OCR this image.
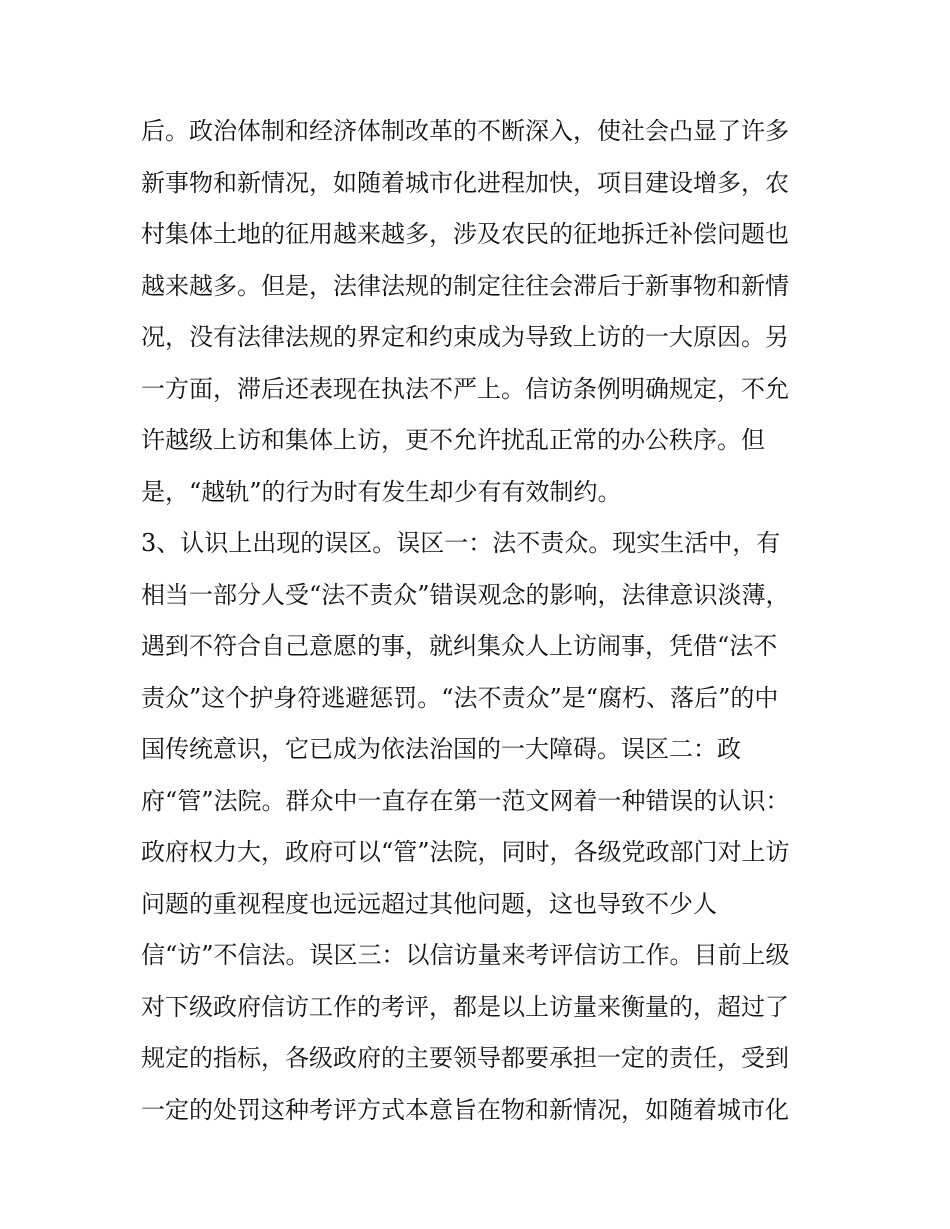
后。政治体制和经济体制改革的不断深入，使社会凸显了许多
新事物和新情况，如随着城市化进程加快，项目建设增多，农
村集体土地的征用越来越多，涉及农民的征地拆迁补偿问题也
越来越多。但是，法律法规的制定往往会滞后于新事物和新情
况，没有法律法规的界定和约束成为导致上访的一大原因。另
一方面，滞后还表现在执法不严上。信访条例明确规定，不允
许越级上访和集体上访，更不允许扰乱正常的办公秩序。但
是，“越轨”的行为时有发生却少有有效制约。
3、认识上出现的误区。误区一：法不责众。现实生活中，有
相当一部分人受“法不责众”错误观念的影响，法律意识淡薄，
遇到不符合自己意愿的事，就纠集众人上访闹事，凭借“法不
责众”这个护身符逃避惩罚。“法不责众”是“腐朽、落后”的中
国传统意识，它已成为依法治国的一大障碍。误区二：政
府“管”法院。群众中一直存在第一范文网着一种错误的认识：
政府权力大，政府可以“管”法院，同时，各级党政部门对上访
问题的重视程度也远远超过其他问题，这也导致不少人
信“访”不信法。误区三：以信访量来考评信访工作。目前上级
对下级政府信访工作的考评，都是以上访量来衡量的，超过了
规定的指标，各级政府的主要领导都要承担一定的责任，受到
一定的处罚这种考评方式本意旨在物和新情况，如随着城市化
